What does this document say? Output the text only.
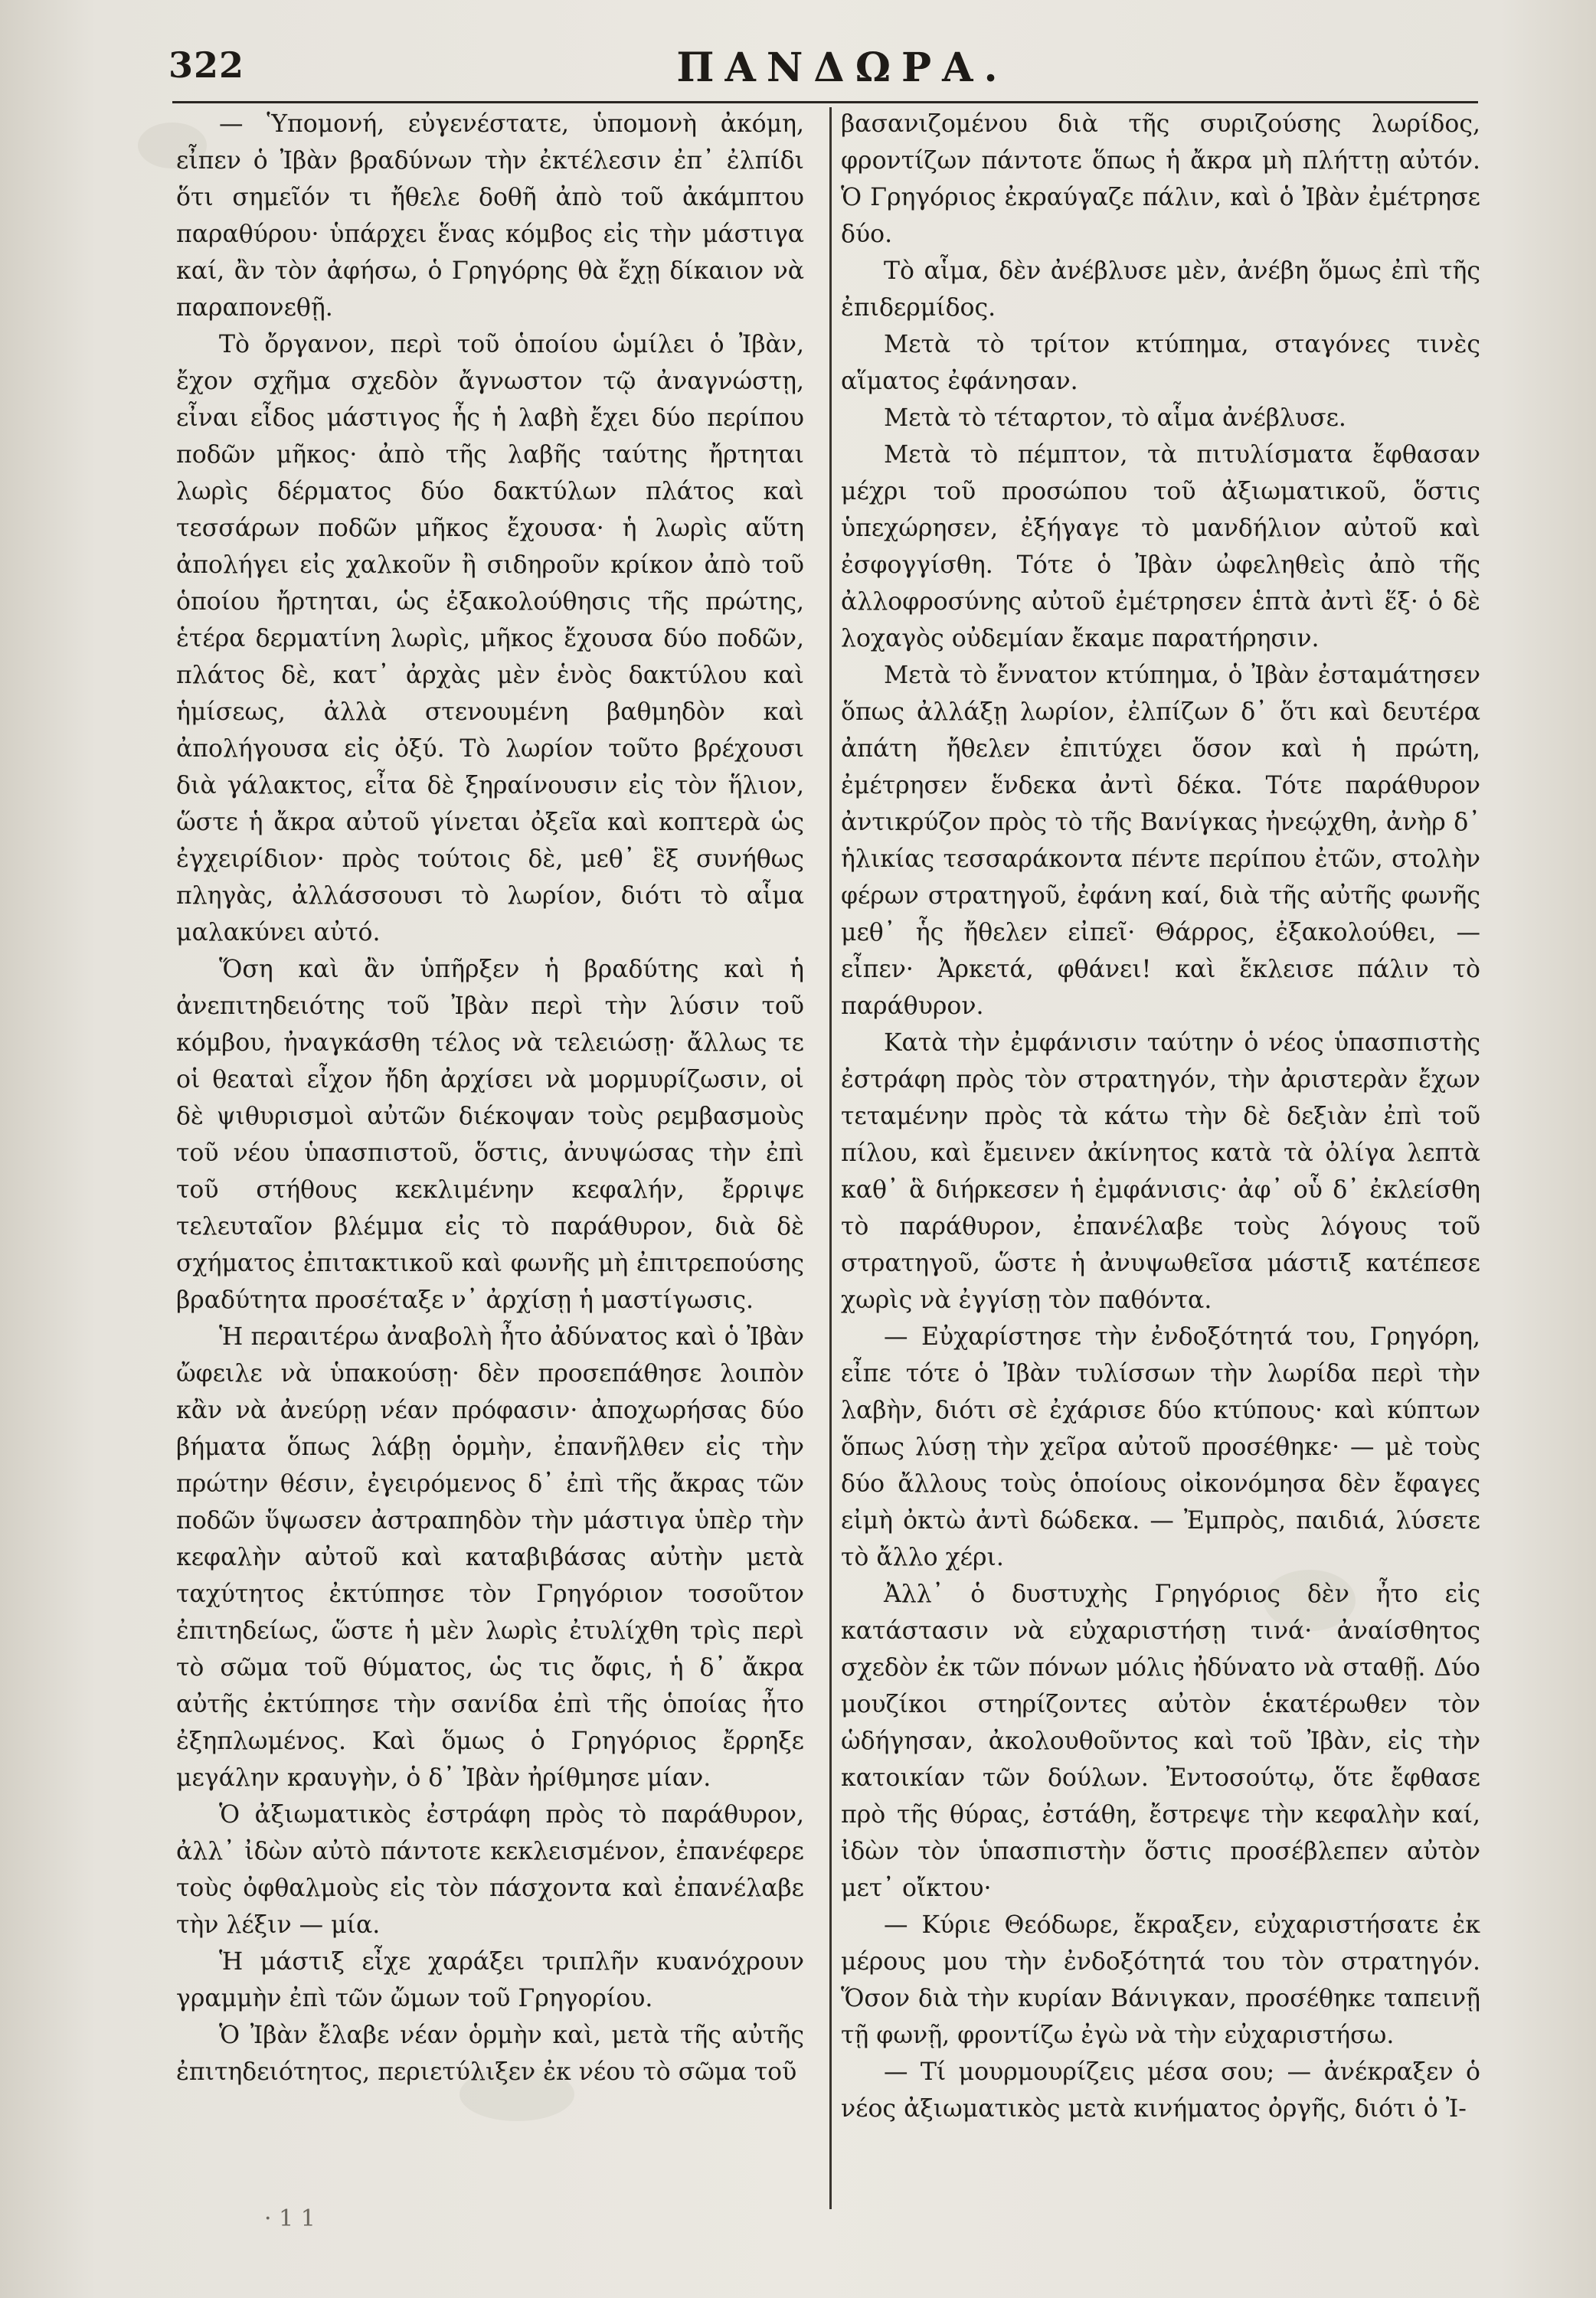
322	ΠΑΝΔΩΡΑ.

— Ὑπομονή, εὐγενέστατε, ὑπομονὴ ἀκόμη, εἶπεν ὁ Ἰβὰν βραδύνων τὴν ἐκτέλεσιν ἐπ᾽ ἐλπίδι ὅτι σημεῖόν τι ἤθελε δοθῆ ἀπὸ τοῦ ἀκάμπτου παραθύρου· ὑπάρχει ἕνας κόμβος εἰς τὴν μάστιγα καί, ἂν τὸν ἀφήσω, ὁ Γρηγόρης θὰ ἔχῃ δίκαιον νὰ παραπονεθῇ.

Τὸ ὄργανον, περὶ τοῦ ὁποίου ὡμίλει ὁ Ἰβὰν, ἔχον σχῆμα σχεδὸν ἄγνωστον τῷ ἀναγνώστῃ, εἶναι εἶδος μάστιγος ἧς ἡ λαβὴ ἔχει δύο περίπου ποδῶν μῆκος· ἀπὸ τῆς λαβῆς ταύτης ἤρτηται λωρὶς δέρματος δύο δακτύλων πλάτος καὶ τεσσάρων ποδῶν μῆκος ἔχουσα· ἡ λωρὶς αὕτη ἀπολήγει εἰς χαλκοῦν ἢ σιδηροῦν κρίκον ἀπὸ τοῦ ὁποίου ἤρτηται, ὡς ἐξακολούθησις τῆς πρώτης, ἑτέρα δερματίνη λωρὶς, μῆκος ἔχουσα δύο ποδῶν, πλάτος δὲ, κατ᾽ ἀρχὰς μὲν ἑνὸς δακτύλου καὶ ἡμίσεως, ἀλλὰ στενουμένη βαθμηδὸν καὶ ἀπολήγουσα εἰς ὀξύ. Τὸ λωρίον τοῦτο βρέχουσι διὰ γάλακτος, εἶτα δὲ ξηραίνουσιν εἰς τὸν ἥλιον, ὥστε ἡ ἄκρα αὐτοῦ γίνεται ὀξεῖα καὶ κοπτερὰ ὡς ἐγχειρίδιον· πρὸς τούτοις δὲ, μεθ᾽ ἓξ συνήθως πληγὰς, ἀλλάσσουσι τὸ λωρίον, διότι τὸ αἷμα μαλακύνει αὐτό.

Ὅση καὶ ἂν ὑπῆρξεν ἡ βραδύτης καὶ ἡ ἀνεπιτηδειότης τοῦ Ἰβὰν περὶ τὴν λύσιν τοῦ κόμβου, ἠναγκάσθη τέλος νὰ τελειώσῃ· ἄλλως τε οἱ θεαταὶ εἶχον ἤδη ἀρχίσει νὰ μορμυρίζωσιν, οἱ δὲ ψιθυρισμοὶ αὐτῶν διέκοψαν τοὺς ρεμβασμοὺς τοῦ νέου ὑπασπιστοῦ, ὅστις, ἀνυψώσας τὴν ἐπὶ τοῦ στήθους κεκλιμένην κεφαλήν, ἔρριψε τελευταῖον βλέμμα εἰς τὸ παράθυρον, διὰ δὲ σχήματος ἐπιτακτικοῦ καὶ φωνῆς μὴ ἐπιτρεπούσης βραδύτητα προσέταξε ν᾽ ἀρχίσῃ ἡ μαστίγωσις.

Ἡ περαιτέρω ἀναβολὴ ἦτο ἀδύνατος καὶ ὁ Ἰβὰν ὤφειλε νὰ ὑπακούσῃ· δὲν προσεπάθησε λοιπὸν κἂν νὰ ἀνεύρῃ νέαν πρόφασιν· ἀποχωρήσας δύο βήματα ὅπως λάβῃ ὁρμὴν, ἐπανῆλθεν εἰς τὴν πρώτην θέσιν, ἐγειρόμενος δ᾽ ἐπὶ τῆς ἄκρας τῶν ποδῶν ὕψωσεν ἀστραπηδὸν τὴν μάστιγα ὑπὲρ τὴν κεφαλὴν αὐτοῦ καὶ καταβιβάσας αὐτὴν μετὰ ταχύτητος ἐκτύπησε τὸν Γρηγόριον τοσοῦτον ἐπιτηδείως, ὥστε ἡ μὲν λωρὶς ἐτυλίχθη τρὶς περὶ τὸ σῶμα τοῦ θύματος, ὡς τις ὄφις, ἡ δ᾽ ἄκρα αὐτῆς ἐκτύπησε τὴν σανίδα ἐπὶ τῆς ὁποίας ἦτο ἐξηπλωμένος. Καὶ ὅμως ὁ Γρηγόριος ἔρρηξε μεγάλην κραυγὴν, ὁ δ᾽ Ἰβὰν ἠρίθμησε μίαν.

Ὁ ἀξιωματικὸς ἐστράφη πρὸς τὸ παράθυρον, ἀλλ᾽ ἰδὼν αὐτὸ πάντοτε κεκλεισμένον, ἐπανέφερε τοὺς ὀφθαλμοὺς εἰς τὸν πάσχοντα καὶ ἐπανέλαβε τὴν λέξιν — μία.

Ἡ μάστιξ εἶχε χαράξει τριπλῆν κυανόχρουν γραμμὴν ἐπὶ τῶν ὤμων τοῦ Γρηγορίου.

Ὁ Ἰβὰν ἔλαβε νέαν ὁρμὴν καὶ, μετὰ τῆς αὐτῆς ἐπιτηδειότητος, περιετύλιξεν ἐκ νέου τὸ σῶμα τοῦ

βασανιζομένου διὰ τῆς συριζούσης λωρίδος, φροντίζων πάντοτε ὅπως ἡ ἄκρα μὴ πλήττῃ αὐτόν. Ὁ Γρηγόριος ἐκραύγαζε πάλιν, καὶ ὁ Ἰβὰν ἐμέτρησε δύο.

Τὸ αἷμα, δὲν ἀνέβλυσε μὲν, ἀνέβη ὅμως ἐπὶ τῆς ἐπιδερμίδος.

Μετὰ τὸ τρίτον κτύπημα, σταγόνες τινὲς αἵματος ἐφάνησαν.

Μετὰ τὸ τέταρτον, τὸ αἷμα ἀνέβλυσε.

Μετὰ τὸ πέμπτον, τὰ πιτυλίσματα ἔφθασαν μέχρι τοῦ προσώπου τοῦ ἀξιωματικοῦ, ὅστις ὑπεχώρησεν, ἐξήγαγε τὸ μανδήλιον αὐτοῦ καὶ ἐσφογγίσθη. Τότε ὁ Ἰβὰν ὠφεληθεὶς ἀπὸ τῆς ἀλλοφροσύνης αὐτοῦ ἐμέτρησεν ἑπτὰ ἀντὶ ἕξ· ὁ δὲ λοχαγὸς οὐδεμίαν ἔκαμε παρατήρησιν.

Μετὰ τὸ ἔννατον κτύπημα, ὁ Ἰβὰν ἐσταμάτησεν ὅπως ἀλλάξῃ λωρίον, ἐλπίζων δ᾽ ὅτι καὶ δευτέρα ἀπάτη ἤθελεν ἐπιτύχει ὅσον καὶ ἡ πρώτη, ἐμέτρησεν ἕνδεκα ἀντὶ δέκα. Τότε παράθυρον ἀντικρύζον πρὸς τὸ τῆς Βανίγκας ἠνεῴχθη, ἀνὴρ δ᾽ ἡλικίας τεσσαράκοντα πέντε περίπου ἐτῶν, στολὴν φέρων στρατηγοῦ, ἐφάνη καί, διὰ τῆς αὐτῆς φωνῆς μεθ᾽ ἧς ἤθελεν εἰπεῖ· Θάρρος, ἐξακολούθει, — εἶπεν· Ἀρκετά, φθάνει! καὶ ἔκλεισε πάλιν τὸ παράθυρον.

Κατὰ τὴν ἐμφάνισιν ταύτην ὁ νέος ὑπασπιστὴς ἐστράφη πρὸς τὸν στρατηγόν, τὴν ἀριστερὰν ἔχων τεταμένην πρὸς τὰ κάτω τὴν δὲ δεξιὰν ἐπὶ τοῦ πίλου, καὶ ἔμεινεν ἀκίνητος κατὰ τὰ ὀλίγα λεπτὰ καθ᾽ ἃ διήρκεσεν ἡ ἐμφάνισις· ἀφ᾽ οὗ δ᾽ ἐκλείσθη τὸ παράθυρον, ἐπανέλαβε τοὺς λόγους τοῦ στρατηγοῦ, ὥστε ἡ ἀνυψωθεῖσα μάστιξ κατέπεσε χωρὶς νὰ ἐγγίσῃ τὸν παθόντα.

— Εὐχαρίστησε τὴν ἐνδοξότητά του, Γρηγόρη, εἶπε τότε ὁ Ἰβὰν τυλίσσων τὴν λωρίδα περὶ τὴν λαβὴν, διότι σὲ ἐχάρισε δύο κτύπους· καὶ κύπτων ὅπως λύσῃ τὴν χεῖρα αὐτοῦ προσέθηκε· — μὲ τοὺς δύο ἄλλους τοὺς ὁποίους οἰκονόμησα δὲν ἔφαγες εἰμὴ ὀκτὼ ἀντὶ δώδεκα. — Ἐμπρὸς, παιδιά, λύσετε τὸ ἄλλο χέρι.

Ἀλλ᾽ ὁ δυστυχὴς Γρηγόριος δὲν ἦτο εἰς κατάστασιν νὰ εὐχαριστήσῃ τινά· ἀναίσθητος σχεδὸν ἐκ τῶν πόνων μόλις ἠδύνατο νὰ σταθῇ. Δύο μουζίκοι στηρίζοντες αὐτὸν ἑκατέρωθεν τὸν ὡδήγησαν, ἀκολουθοῦντος καὶ τοῦ Ἰβὰν, εἰς τὴν κατοικίαν τῶν δούλων. Ἐντοσούτῳ, ὅτε ἔφθασε πρὸ τῆς θύρας, ἐστάθη, ἔστρεψε τὴν κεφαλὴν καί, ἰδὼν τὸν ὑπασπιστὴν ὅστις προσέβλεπεν αὐτὸν μετ᾽ οἴκτου·

— Κύριε Θεόδωρε, ἔκραξεν, εὐχαριστήσατε ἐκ μέρους μου τὴν ἐνδοξότητά του τὸν στρατηγόν. Ὅσον διὰ τὴν κυρίαν Βάνιγκαν, προσέθηκε ταπεινῇ τῇ φωνῇ, φροντίζω ἐγὼ νὰ τὴν εὐχαριστήσω.

— Τί μουρμουρίζεις μέσα σου; — ἀνέκραξεν ὁ νέος ἀξιωματικὸς μετὰ κινήματος ὀργῆς, διότι ὁ Ἰ-

· 1 1
